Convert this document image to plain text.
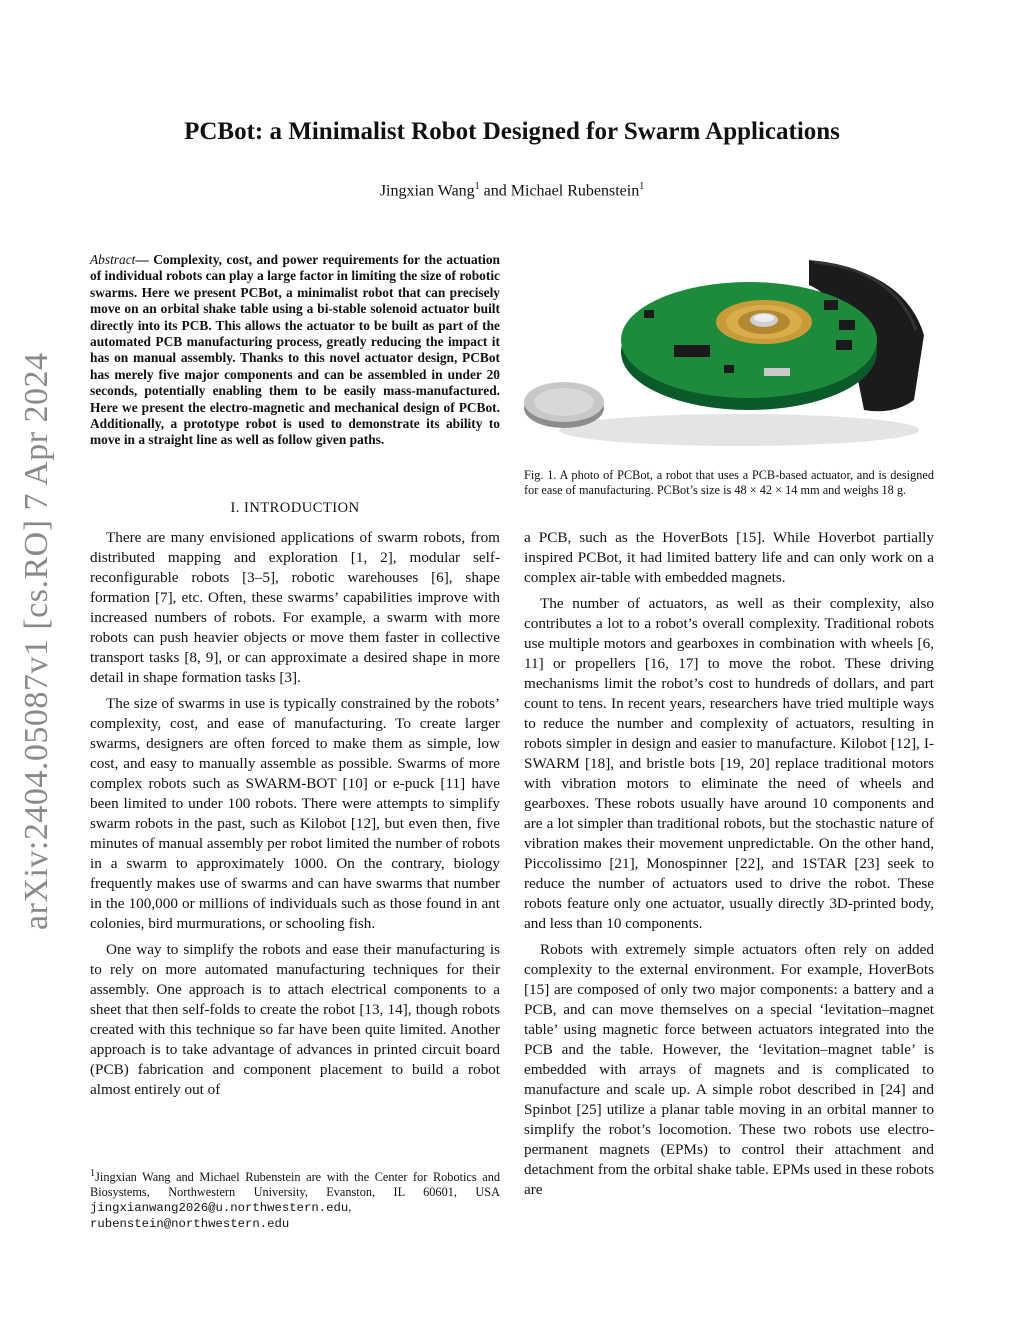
arXiv:2404.05087v1 [cs.RO] 7 Apr 2024
PCBot: a Minimalist Robot Designed for Swarm Applications
Jingxian Wang$^1$ and Michael Rubenstein$^1$
Abstract— Complexity, cost, and power requirements for the actuation of individual robots can play a large factor in limiting the size of robotic swarms. Here we present PCBot, a minimalist robot that can precisely move on an orbital shake table using a bi-stable solenoid actuator built directly into its PCB. This allows the actuator to be built as part of the automated PCB manufacturing process, greatly reducing the impact it has on manual assembly. Thanks to this novel actuator design, PCBot has merely five major components and can be assembled in under 20 seconds, potentially enabling them to be easily mass-manufactured. Here we present the electro-magnetic and mechanical design of PCBot. Additionally, a prototype robot is used to demonstrate its ability to move in a straight line as well as follow given paths.
I. INTRODUCTION

There are many envisioned applications of swarm robots, from distributed mapping and exploration [1, 2], modular self-reconfigurable robots [3–5], robotic warehouses [6], shape formation [7], etc. Often, these swarms’ capabilities improve with increased numbers of robots. For example, a swarm with more robots can push heavier objects or move them faster in collective transport tasks [8, 9], or can approximate a desired shape in more detail in shape formation tasks [3].

The size of swarms in use is typically constrained by the robots’ complexity, cost, and ease of manufacturing. To create larger swarms, designers are often forced to make them as simple, low cost, and easy to manually assemble as possible. Swarms of more complex robots such as SWARM-BOT [10] or e-puck [11] have been limited to under 100 robots. There were attempts to simplify swarm robots in the past, such as Kilobot [12], but even then, five minutes of manual assembly per robot limited the number of robots in a swarm to approximately 1000. On the contrary, biology frequently makes use of swarms and can have swarms that number in the 100,000 or millions of individuals such as those found in ant colonies, bird murmurations, or schooling fish.

One way to simplify the robots and ease their manufacturing is to rely on more automated manufacturing techniques for their assembly. One approach is to attach electrical components to a sheet that then self-folds to create the robot [13, 14], though robots created with this technique so far have been quite limited. Another approach is to take advantage of advances in printed circuit board (PCB) fabrication and component placement to build a robot almost entirely out of

$^1$Jingxian Wang and Michael Rubenstein are with the Center for Robotics and Biosystems, Northwestern University, Evanston, IL 60601, USA jingxianwang2026@u.northwestern.edu, rubenstein@northwestern.edu
Fig. 1. A photo of PCBot, a robot that uses a PCB-based actuator, and is designed for ease of manufacturing. PCBot’s size is 48 × 42 × 14 mm and weighs 18 g.

a PCB, such as the HoverBots [15]. While Hoverbot partially inspired PCBot, it had limited battery life and can only work on a complex air-table with embedded magnets.

The number of actuators, as well as their complexity, also contributes a lot to a robot’s overall complexity. Traditional robots use multiple motors and gearboxes in combination with wheels [6, 11] or propellers [16, 17] to move the robot. These driving mechanisms limit the robot’s cost to hundreds of dollars, and part count to tens. In recent years, researchers have tried multiple ways to reduce the number and complexity of actuators, resulting in robots simpler in design and easier to manufacture. Kilobot [12], I-SWARM [18], and bristle bots [19, 20] replace traditional motors with vibration motors to eliminate the need of wheels and gearboxes. These robots usually have around 10 components and are a lot simpler than traditional robots, but the stochastic nature of vibration makes their movement unpredictable. On the other hand, Piccolissimo [21], Monospinner [22], and 1STAR [23] seek to reduce the number of actuators used to drive the robot. These robots feature only one actuator, usually directly 3D-printed body, and less than 10 components.

Robots with extremely simple actuators often rely on added complexity to the external environment. For example, HoverBots [15] are composed of only two major components: a battery and a PCB, and can move themselves on a special ‘levitation–magnet table’ using magnetic force between actuators integrated into the PCB and the table. However, the ‘levitation–magnet table’ is embedded with arrays of magnets and is complicated to manufacture and scale up. A simple robot described in [24] and Spinbot [25] utilize a planar table moving in an orbital manner to simplify the robot’s locomotion. These two robots use electro-permanent magnets (EPMs) to control their attachment and detachment from the orbital shake table. EPMs used in these robots are
